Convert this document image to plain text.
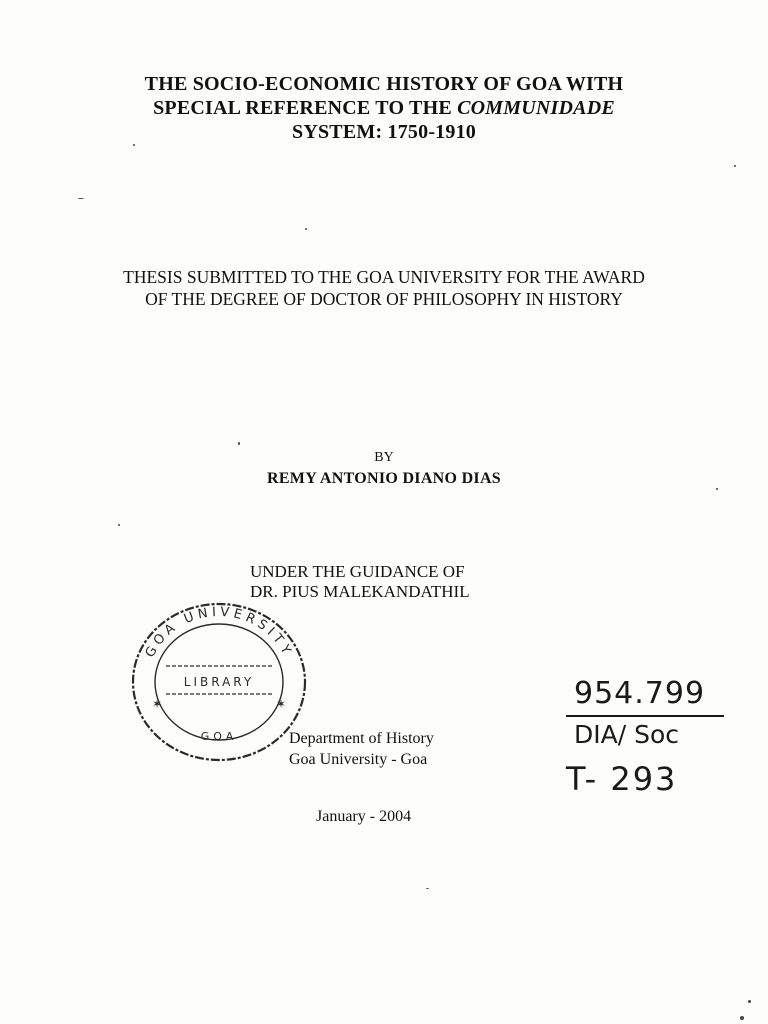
THE SOCIO-ECONOMIC HISTORY OF GOA WITH
SPECIAL REFERENCE TO THE COMMUNIDADE
SYSTEM: 1750-1910
THESIS SUBMITTED TO THE GOA UNIVERSITY FOR THE AWARD
OF THE DEGREE OF DOCTOR OF PHILOSOPHY IN HISTORY
BY
REMY ANTONIO DIANO DIAS
UNDER THE GUIDANCE OF
DR. PIUS MALEKANDATHIL
LIBRARY
GOA UNIVERSITY
GOA
✶	✶
Department of History
Goa University - Goa
January - 2004
954.799
DIA/ Soc
T- 293
